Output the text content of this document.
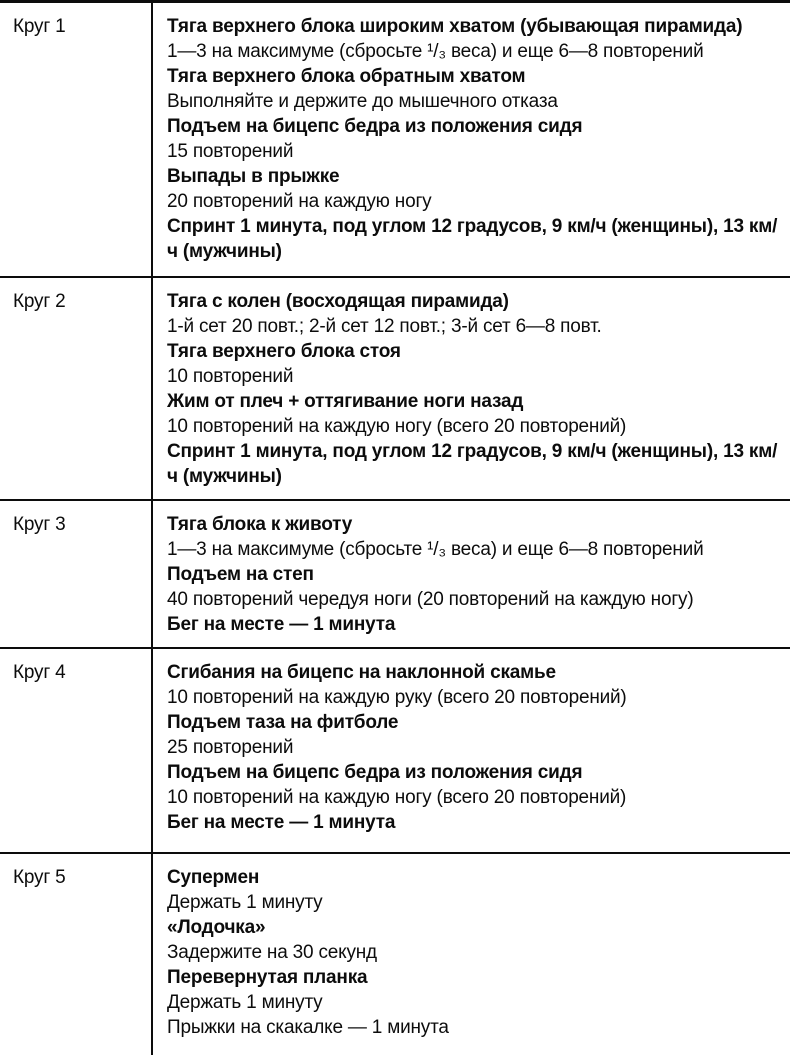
Круг 1	Тяга верхнего блока широким хватом (убывающая пирамида)
1—3 на максимуме (сбросьте ¹/₃ веса) и еще 6—8 повторений
Тяга верхнего блока обратным хватом
Выполняйте и держите до мышечного отказа
Подъем на бицепс бедра из положения сидя
15 повторений
Выпады в прыжке
20 повторений на каждую ногу
Спринт 1 минута, под углом 12 градусов, 9 км/ч (женщины), 13 км/ч (мужчины)
Круг 2	Тяга с колен (восходящая пирамида)
1-й сет 20 повт.; 2-й сет 12 повт.; 3-й сет 6—8 повт.
Тяга верхнего блока стоя
10 повторений
Жим от плеч + оттягивание ноги назад
10 повторений на каждую ногу (всего 20 повторений)
Спринт 1 минута, под углом 12 градусов, 9 км/ч (женщины), 13 км/ч (мужчины)
Круг 3	Тяга блока к животу
1—3 на максимуме (сбросьте ¹/₃ веса) и еще 6—8 повторений
Подъем на степ
40 повторений чередуя ноги (20 повторений на каждую ногу)
Бег на месте — 1 минута
Круг 4	Сгибания на бицепс на наклонной скамье
10 повторений на каждую руку (всего 20 повторений)
Подъем таза на фитболе
25 повторений
Подъем на бицепс бедра из положения сидя
10 повторений на каждую ногу (всего 20 повторений)
Бег на месте — 1 минута
Круг 5	Супермен
Держать 1 минуту
«Лодочка»
Задержите на 30 секунд
Перевернутая планка
Держать 1 минуту
Прыжки на скакалке — 1 минута
